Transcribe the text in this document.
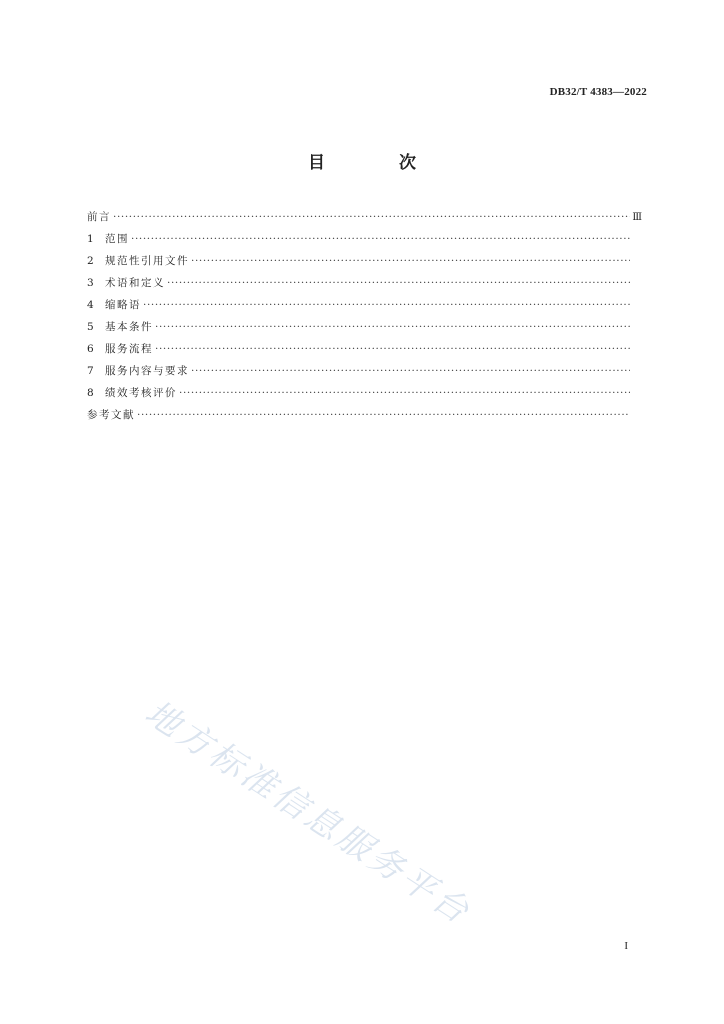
DB32/T 4383—2022
目 次
前言
·····	Ⅲ
1	范围
·····
2	规范性引用文件
·····
3	术语和定义
·····
4	缩略语
·····
5	基本条件
·····
6	服务流程
·····
7	服务内容与要求
·····
8	绩效考核评价
·····
参考文献
·····
地方标准信息服务平台
I
